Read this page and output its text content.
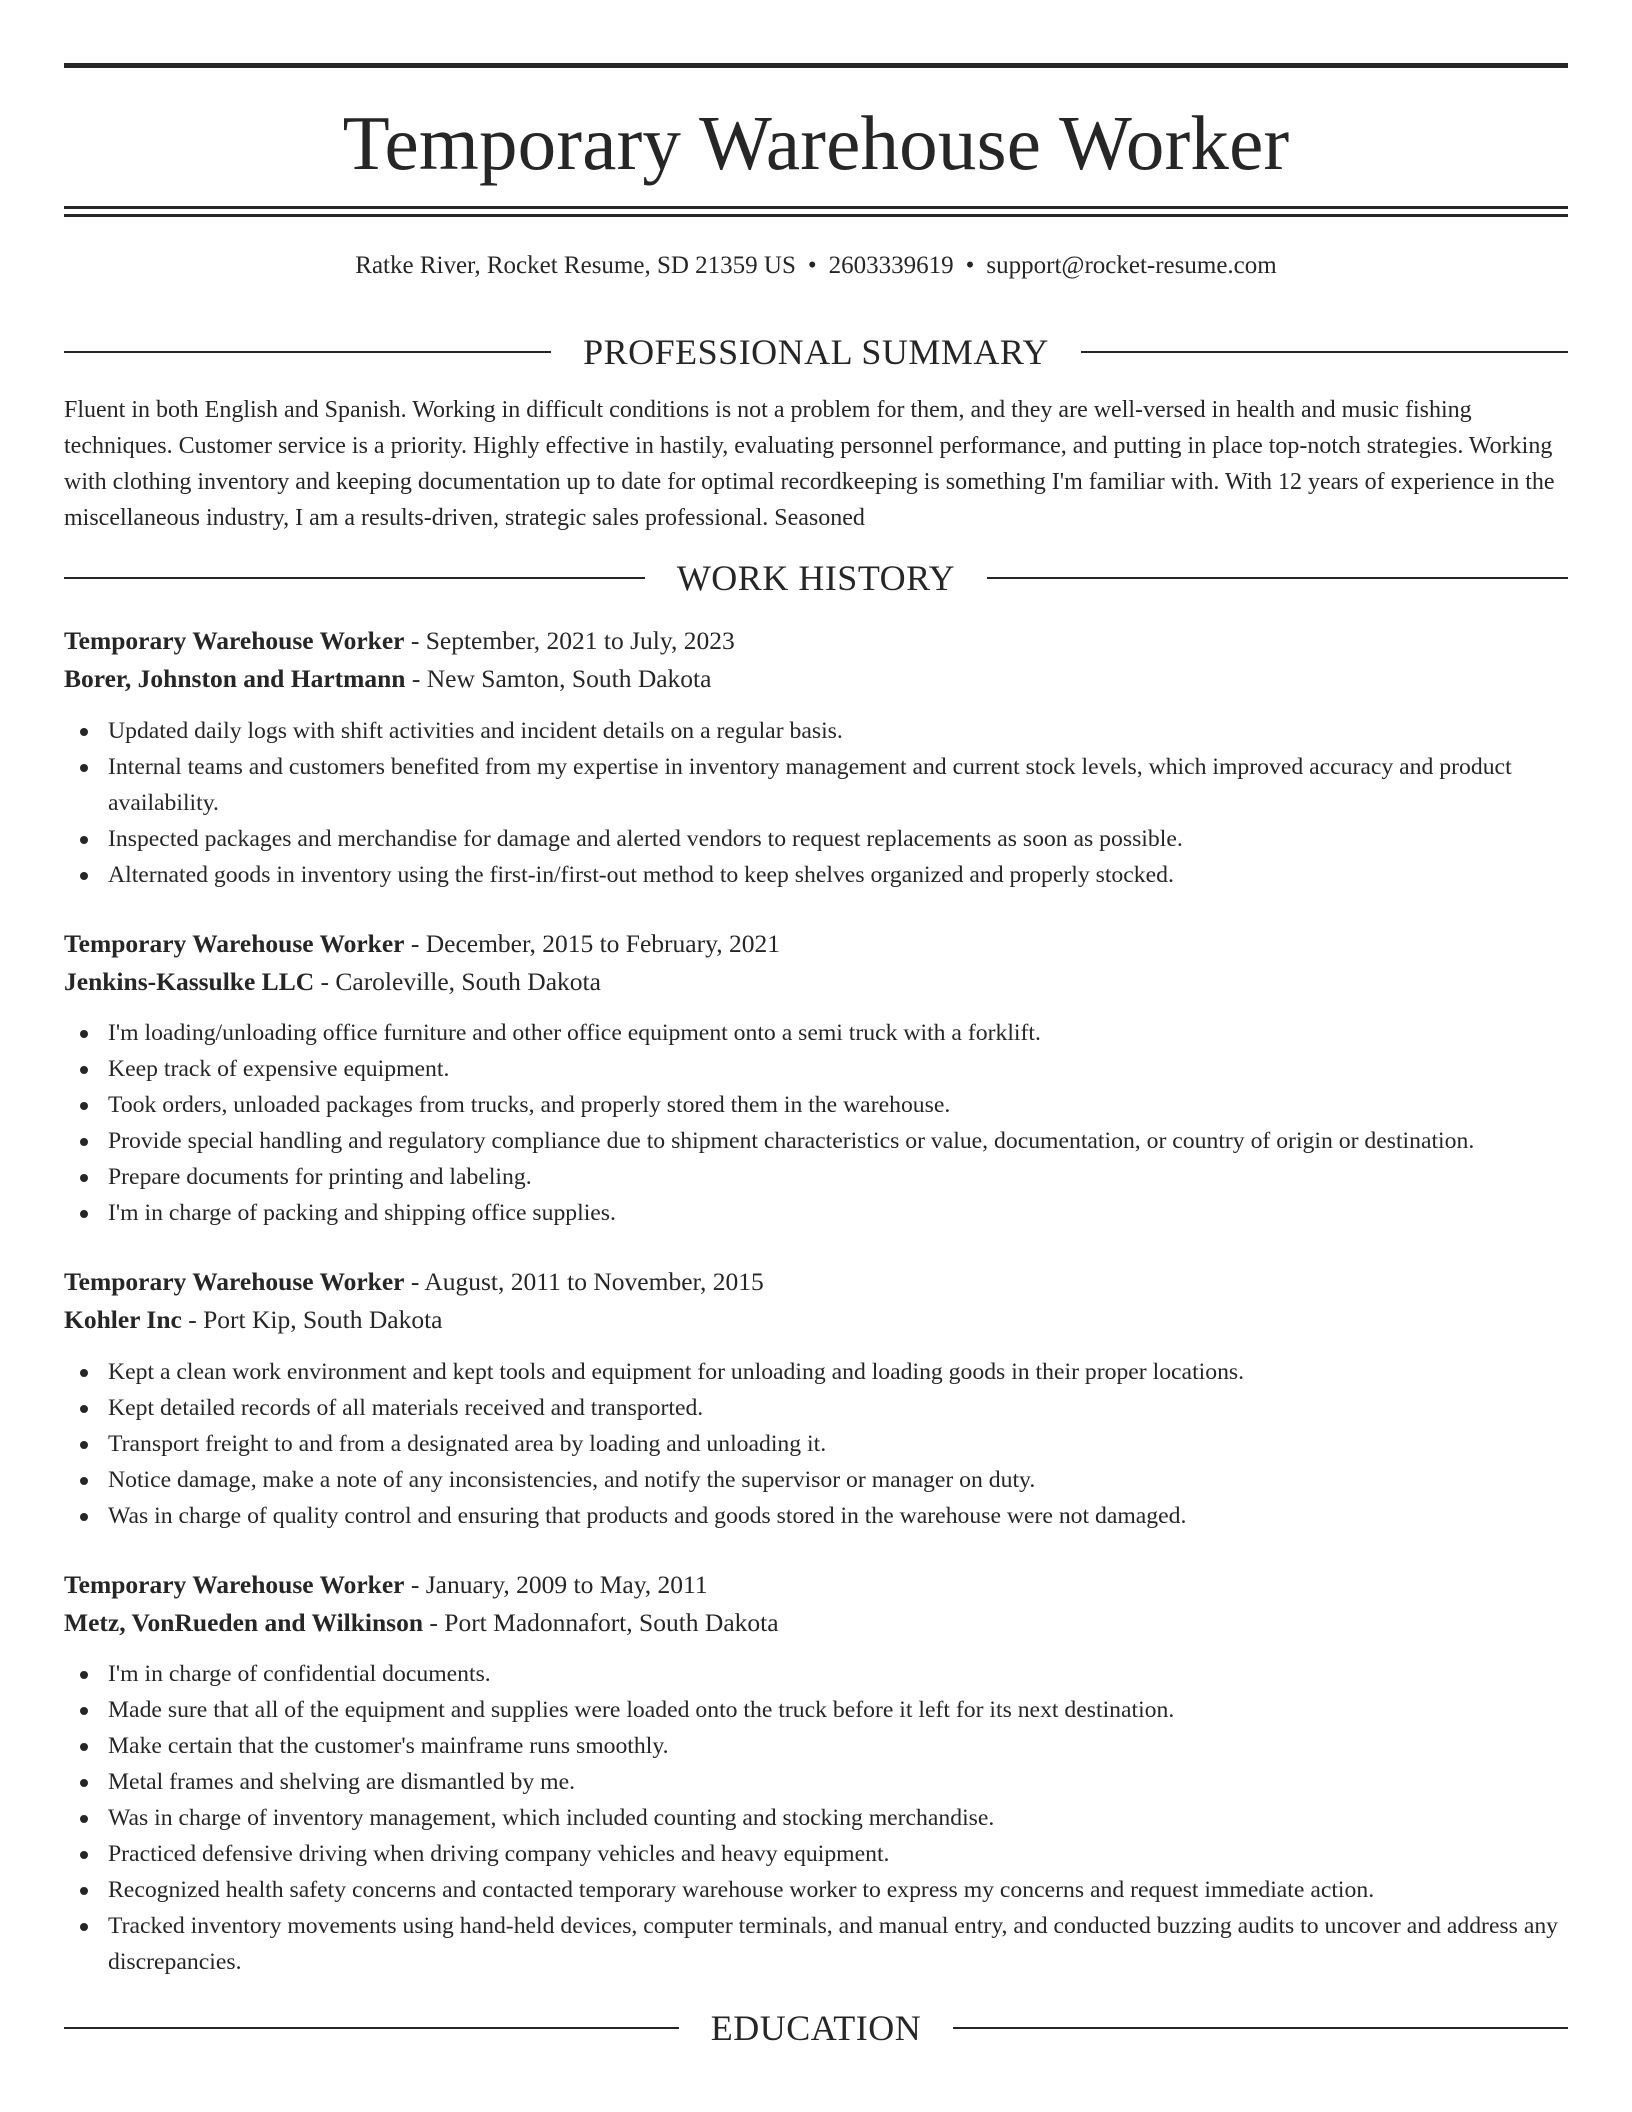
Temporary Warehouse Worker
Ratke River, Rocket Resume, SD 21359 US • 2603339619 • support@rocket-resume.com
PROFESSIONAL SUMMARY

Fluent in both English and Spanish. Working in difficult conditions is not a problem for them, and they are well-versed in health and music fishing techniques. Customer service is a priority. Highly effective in hastily, evaluating personnel performance, and putting in place top-notch strategies. Working with clothing inventory and keeping documentation up to date for optimal recordkeeping is something I'm familiar with. With 12 years of experience in the miscellaneous industry, I am a results-driven, strategic sales professional. Seasoned

WORK HISTORY
Temporary Warehouse Worker - September, 2021 to July, 2023
Borer, Johnston and Hartmann - New Samton, South Dakota
Updated daily logs with shift activities and incident details on a regular basis.
Internal teams and customers benefited from my expertise in inventory management and current stock levels, which improved accuracy and product availability.
Inspected packages and merchandise for damage and alerted vendors to request replacements as soon as possible.
Alternated goods in inventory using the first-in/first-out method to keep shelves organized and properly stocked.
Temporary Warehouse Worker - December, 2015 to February, 2021
Jenkins-Kassulke LLC - Caroleville, South Dakota
I'm loading/unloading office furniture and other office equipment onto a semi truck with a forklift.
Keep track of expensive equipment.
Took orders, unloaded packages from trucks, and properly stored them in the warehouse.
Provide special handling and regulatory compliance due to shipment characteristics or value, documentation, or country of origin or destination.
Prepare documents for printing and labeling.
I'm in charge of packing and shipping office supplies.
Temporary Warehouse Worker - August, 2011 to November, 2015
Kohler Inc - Port Kip, South Dakota
Kept a clean work environment and kept tools and equipment for unloading and loading goods in their proper locations.
Kept detailed records of all materials received and transported.
Transport freight to and from a designated area by loading and unloading it.
Notice damage, make a note of any inconsistencies, and notify the supervisor or manager on duty.
Was in charge of quality control and ensuring that products and goods stored in the warehouse were not damaged.
Temporary Warehouse Worker - January, 2009 to May, 2011
Metz, VonRueden and Wilkinson - Port Madonnafort, South Dakota
I'm in charge of confidential documents.
Made sure that all of the equipment and supplies were loaded onto the truck before it left for its next destination.
Make certain that the customer's mainframe runs smoothly.
Metal frames and shelving are dismantled by me.
Was in charge of inventory management, which included counting and stocking merchandise.
Practiced defensive driving when driving company vehicles and heavy equipment.
Recognized health safety concerns and contacted temporary warehouse worker to express my concerns and request immediate action.
Tracked inventory movements using hand-held devices, computer terminals, and manual entry, and conducted buzzing audits to uncover and address any discrepancies.
EDUCATION
